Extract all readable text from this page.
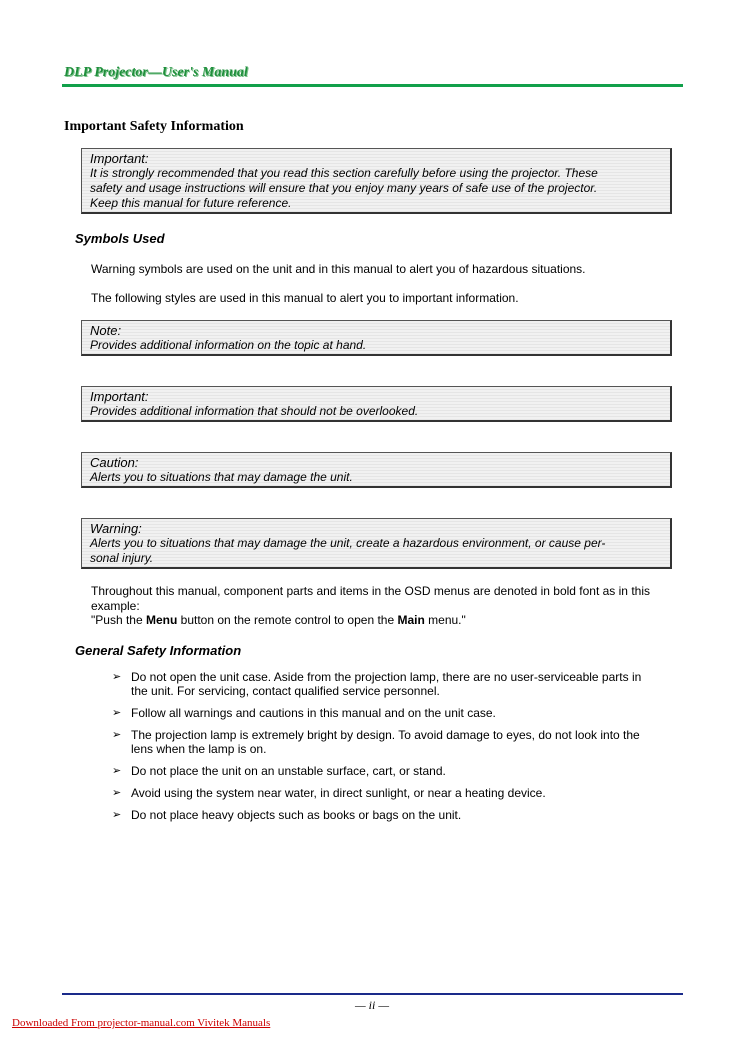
DLP Projector—User's Manual
Important Safety Information
Important:
It is strongly recommended that you read this section carefully before using the projector. These
safety and usage instructions will ensure that you enjoy many years of safe use of the projector.
Keep this manual for future reference.
Symbols Used
Warning symbols are used on the unit and in this manual to alert you of hazardous situations.
The following styles are used in this manual to alert you to important information.
Note:
Provides additional information on the topic at hand.
Important:
Provides additional information that should not be overlooked.
Caution:
Alerts you to situations that may damage the unit.
Warning:
Alerts you to situations that may damage the unit, create a hazardous environment, or cause per-
sonal injury.
Throughout this manual, component parts and items in the OSD menus are denoted in bold font as in this
example:
"Push the Menu button on the remote control to open the Main menu."
General Safety Information
➢ Do not open the unit case. Aside from the projection lamp, there are no user-serviceable parts in
the unit. For servicing, contact qualified service personnel.
➢ Follow all warnings and cautions in this manual and on the unit case.
➢ The projection lamp is extremely bright by design. To avoid damage to eyes, do not look into the
lens when the lamp is on.
➢ Do not place the unit on an unstable surface, cart, or stand.
➢ Avoid using the system near water, in direct sunlight, or near a heating device.
➢ Do not place heavy objects such as books or bags on the unit.
— ii —
Downloaded From projector-manual.com Vivitek Manuals
